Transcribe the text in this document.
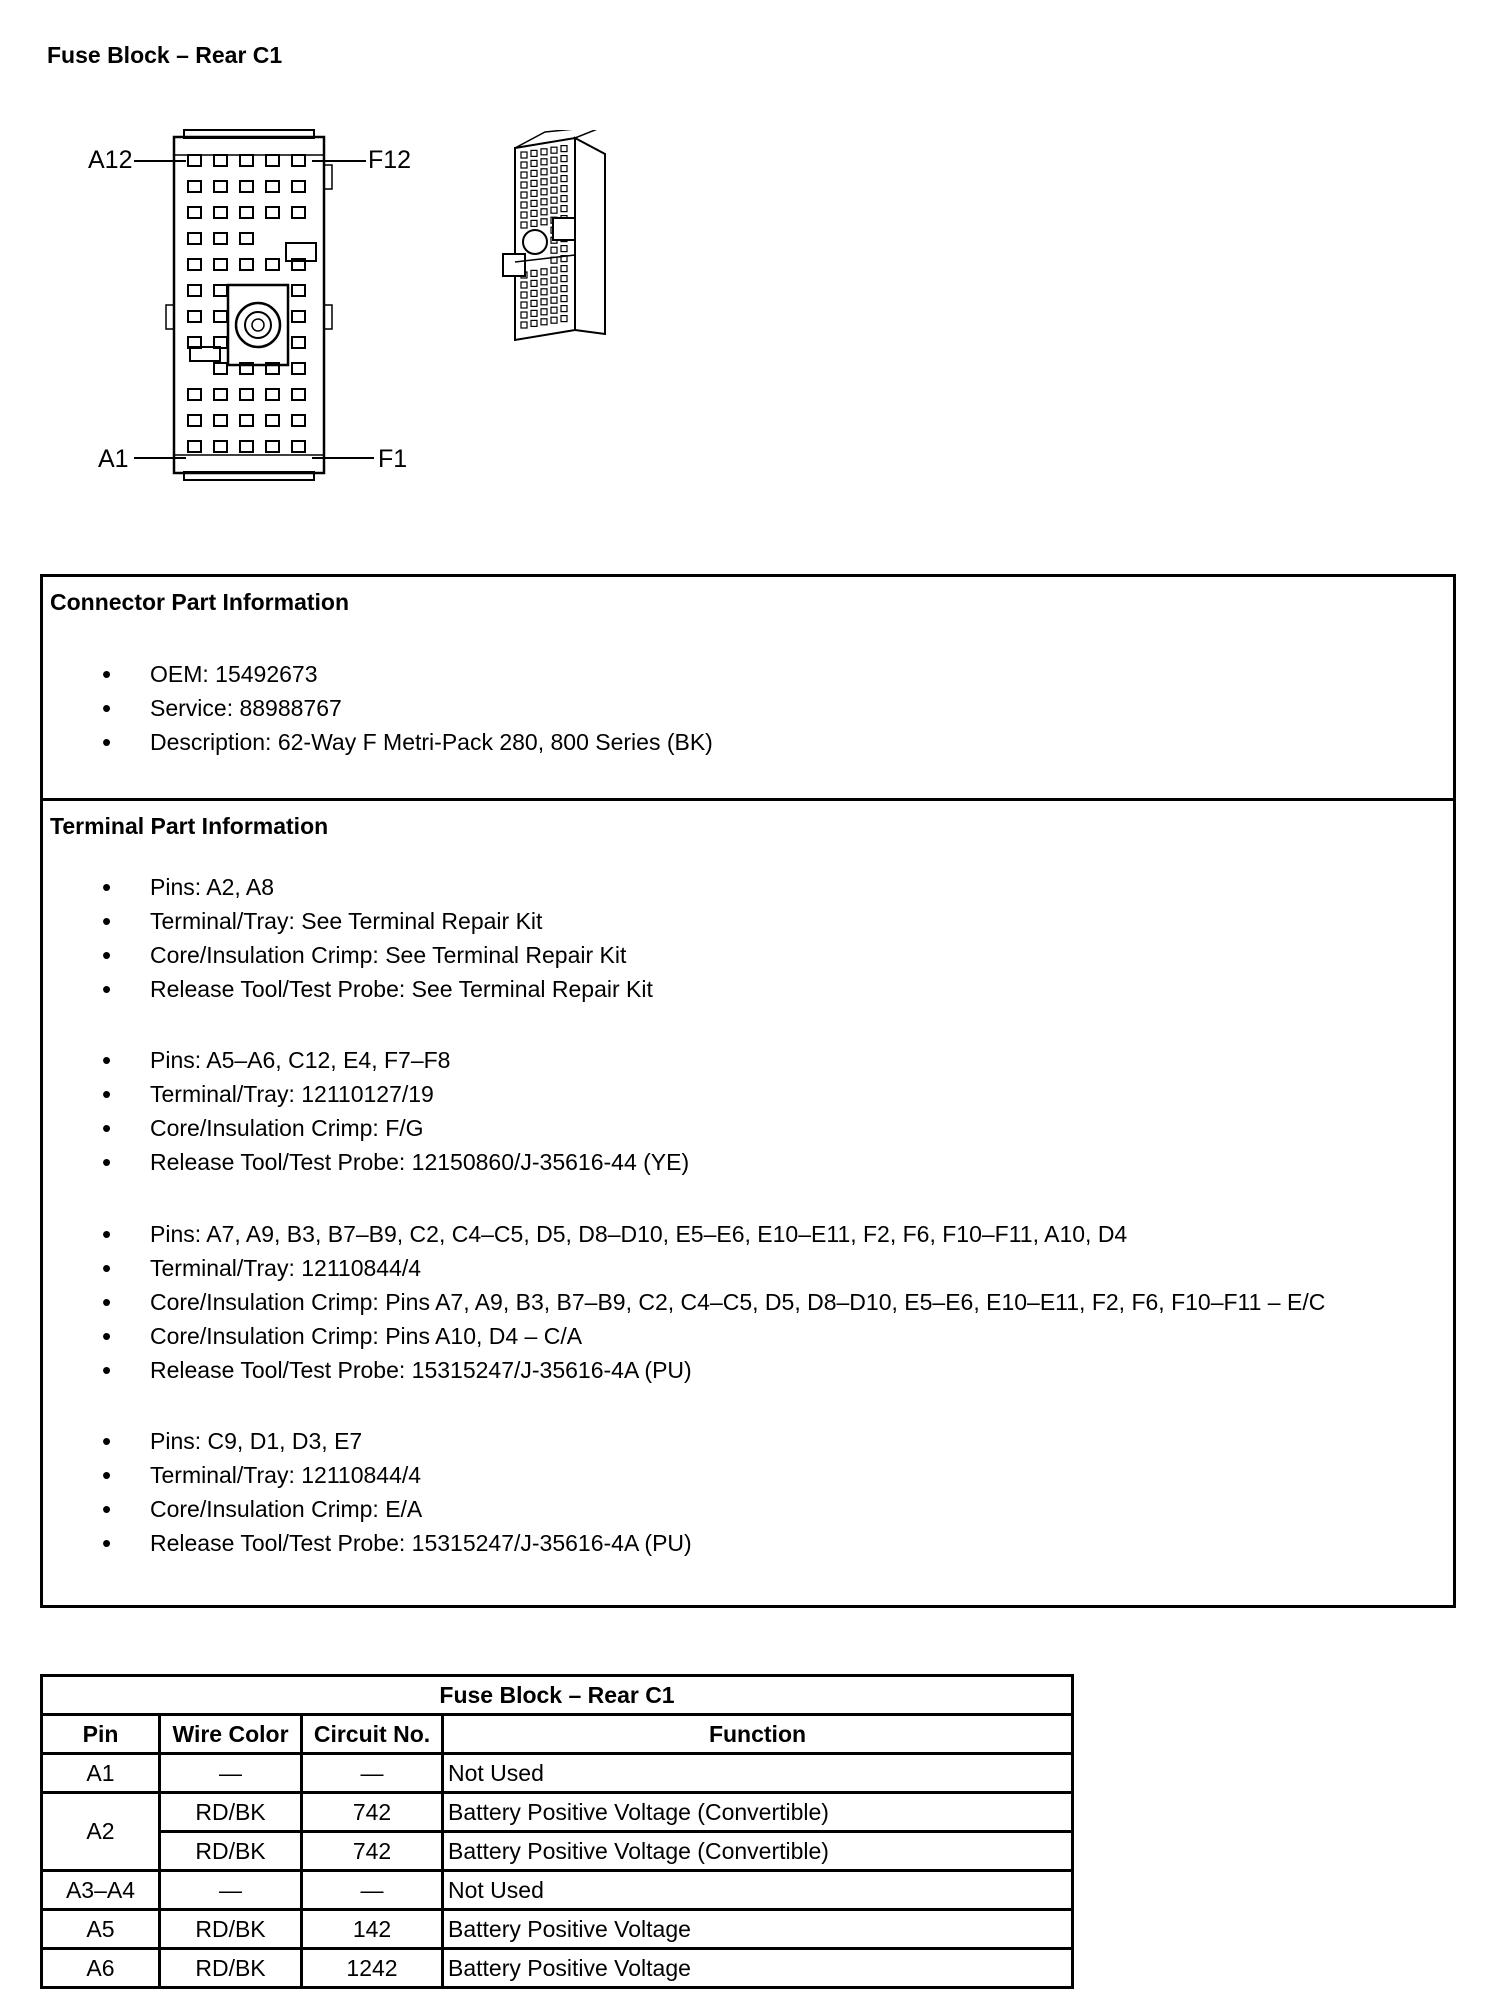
Fuse Block – Rear C1
A12	F12
A1	F1
Connector Part Information
• OEM: 15492673
• Service: 88988767
• Description: 62-Way F Metri-Pack 280, 800 Series (BK)
Terminal Part Information
• Pins: A2, A8
• Terminal/Tray: See Terminal Repair Kit
• Core/Insulation Crimp: See Terminal Repair Kit
• Release Tool/Test Probe: See Terminal Repair Kit
• Pins: A5–A6, C12, E4, F7–F8
• Terminal/Tray: 12110127/19
• Core/Insulation Crimp: F/G
• Release Tool/Test Probe: 12150860/J-35616-44 (YE)
• Pins: A7, A9, B3, B7–B9, C2, C4–C5, D5, D8–D10, E5–E6, E10–E11, F2, F6, F10–F11, A10, D4
• Terminal/Tray: 12110844/4
• Core/Insulation Crimp: Pins A7, A9, B3, B7–B9, C2, C4–C5, D5, D8–D10, E5–E6, E10–E11, F2, F6, F10–F11 – E/C
• Core/Insulation Crimp: Pins A10, D4 – C/A
• Release Tool/Test Probe: 15315247/J-35616-4A (PU)
• Pins: C9, D1, D3, E7
• Terminal/Tray: 12110844/4
• Core/Insulation Crimp: E/A
• Release Tool/Test Probe: 15315247/J-35616-4A (PU)
Fuse Block – Rear C1			
Pin	Wire Color	Circuit No.	Function
A1	—	—	Not Used
A2	RD/BK	742	Battery Positive Voltage (Convertible)
	RD/BK	742	Battery Positive Voltage (Convertible)
A3–A4	—	—	Not Used
A5	RD/BK	142	Battery Positive Voltage
A6	RD/BK	1242	Battery Positive Voltage
